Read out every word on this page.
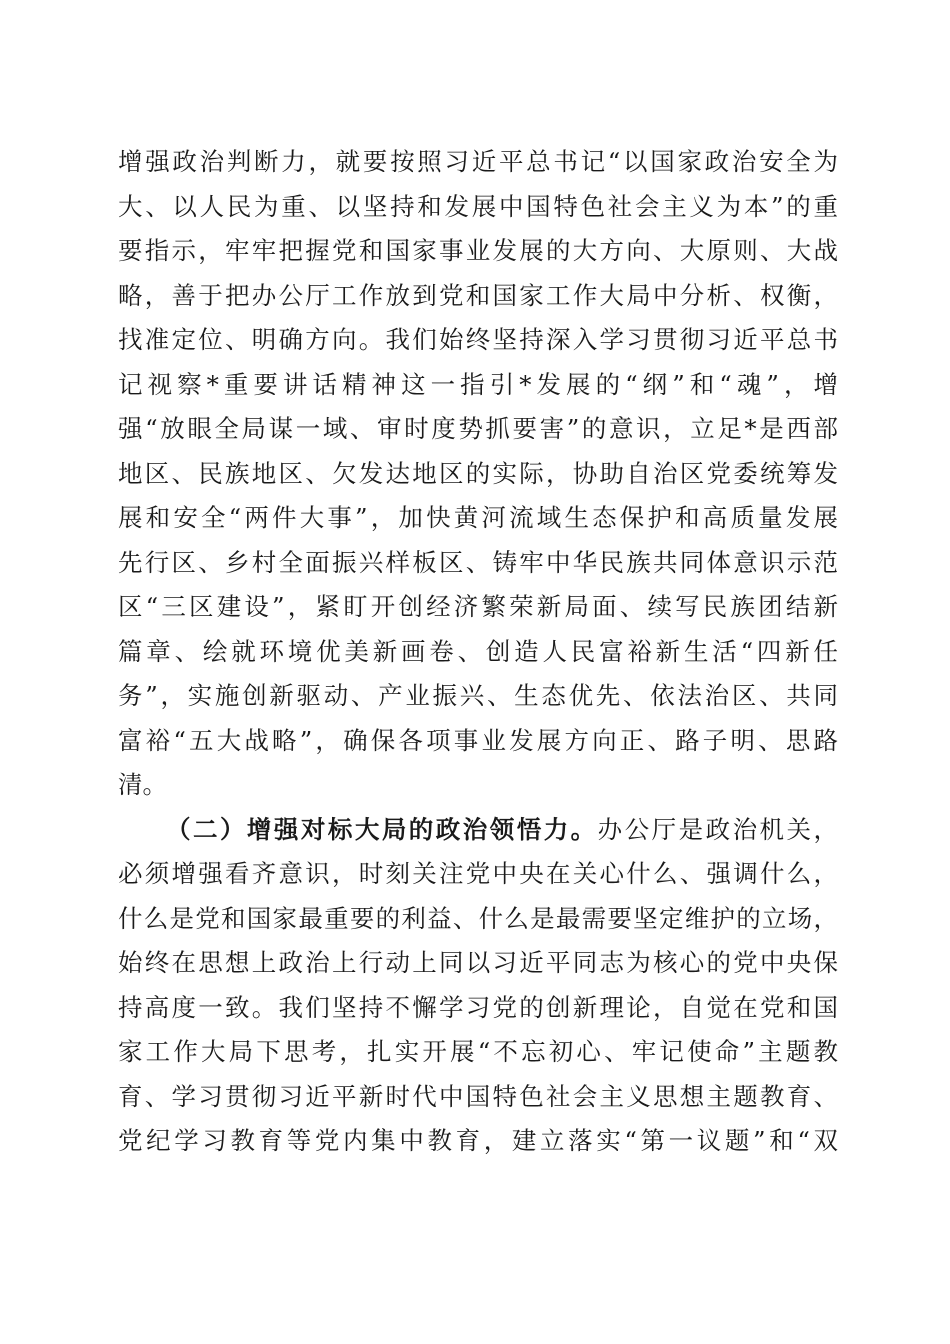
增强政治判断力，就要按照习近平总书记“以国家政治安全为
大、以人民为重、以坚持和发展中国特色社会主义为本”的重
要指示，牢牢把握党和国家事业发展的大方向、大原则、大战
略，善于把办公厅工作放到党和国家工作大局中分析、权衡，
找准定位、明确方向。我们始终坚持深入学习贯彻习近平总书
记视察*重要讲话精神这一指引*发展的“纲”和“魂”，增
强“放眼全局谋一域、审时度势抓要害”的意识，立足*是西部
地区、民族地区、欠发达地区的实际，协助自治区党委统筹发
展和安全“两件大事”，加快黄河流域生态保护和高质量发展
先行区、乡村全面振兴样板区、铸牢中华民族共同体意识示范
区“三区建设”，紧盯开创经济繁荣新局面、续写民族团结新
篇章、绘就环境优美新画卷、创造人民富裕新生活“四新任
务”，实施创新驱动、产业振兴、生态优先、依法治区、共同
富裕“五大战略”，确保各项事业发展方向正、路子明、思路
清。
（二）增强对标大局的政治领悟力。办公厅是政治机关，
必须增强看齐意识，时刻关注党中央在关心什么、强调什么，
什么是党和国家最重要的利益、什么是最需要坚定维护的立场，
始终在思想上政治上行动上同以习近平同志为核心的党中央保
持高度一致。我们坚持不懈学习党的创新理论，自觉在党和国
家工作大局下思考，扎实开展“不忘初心、牢记使命”主题教
育、学习贯彻习近平新时代中国特色社会主义思想主题教育、
党纪学习教育等党内集中教育，建立落实“第一议题”和“双
